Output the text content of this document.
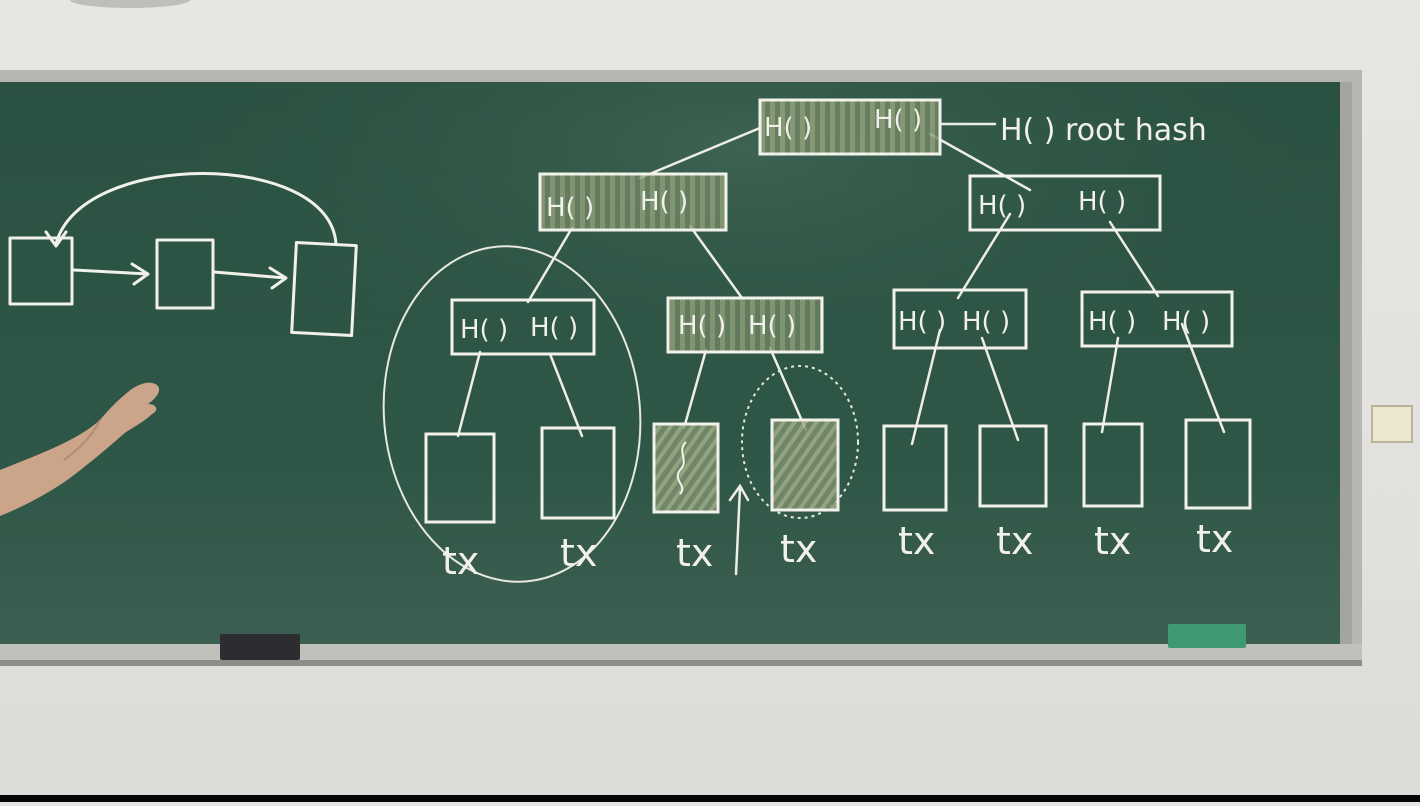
H( ) H( )	H( ) root hash
H( ) H( )	H( ) H( )
H( ) H( )	H( ) H( )	H( ) H( )	H( ) H( )
tx tx tx tx tx tx tx tx
